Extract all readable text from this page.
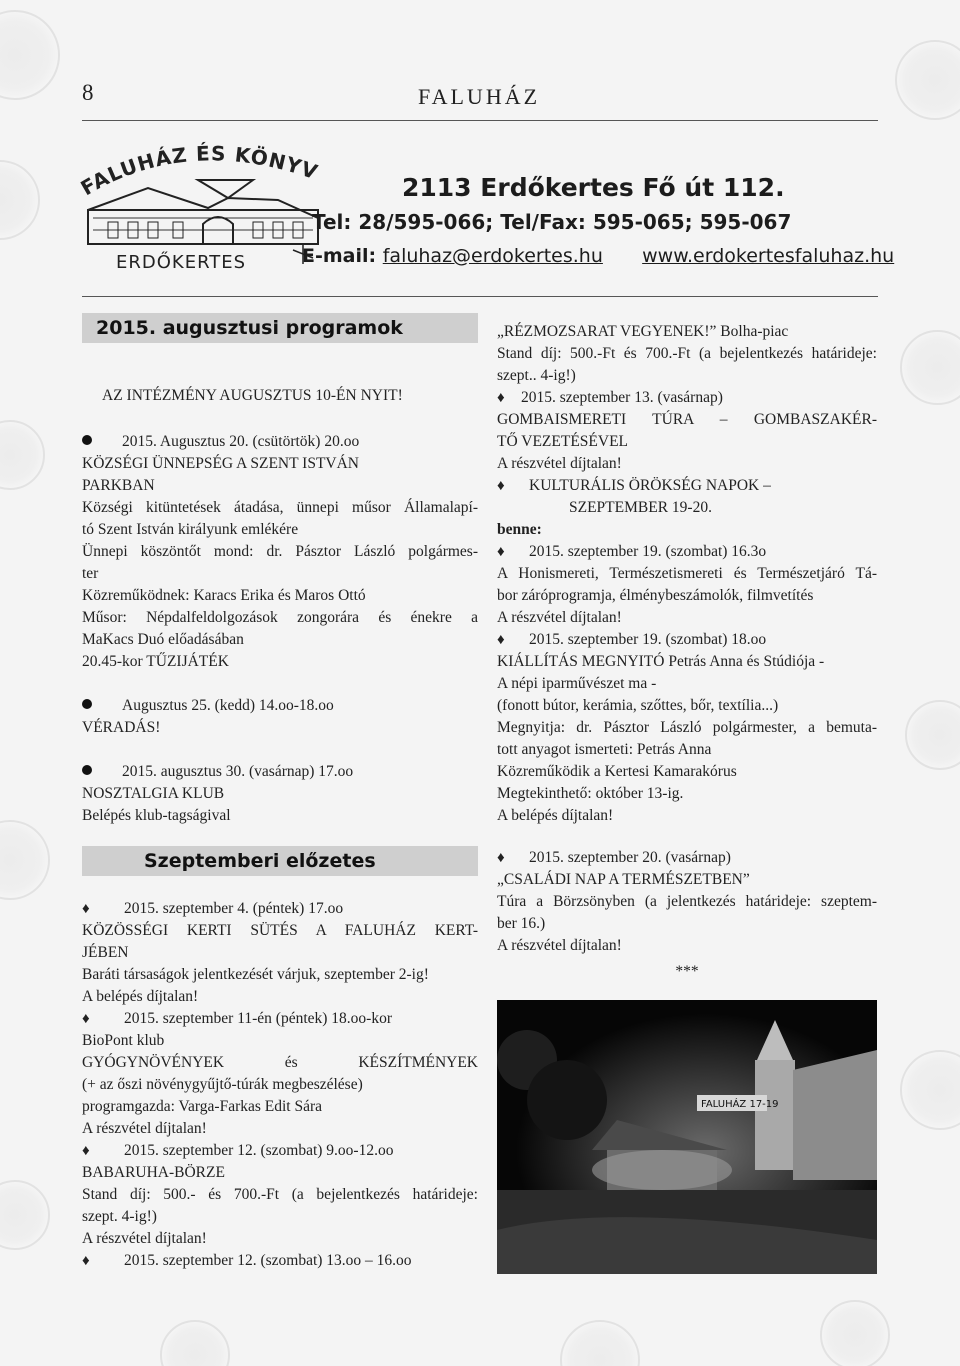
8	FALUHÁZ
FALUHÁZ ÉS KÖNYV
ERDŐKERTES
2113 Erdőkertes Fő út 112.
Tel: 28/595-066; Tel/Fax: 595-065; 595-067
E-mail: faluhaz@erdokertes.hu www.erdokertesfaluhaz.hu
2015. augusztusi programok
AZ INTÉZMÉNY AUGUSZTUS 10-ÉN NYIT!
2015. Augusztus 20. (csütörtök) 20.oo
KÖZSÉGI ÜNNEPSÉG A SZENT ISTVÁN
PARKBAN
Községi kitüntetések átadása, ünnepi műsor Államalapí-
tó Szent István királyunk emlékére
Ünnepi köszöntőt mond: dr. Pásztor László polgármes-
ter
Közreműködnek: Karacs Erika és Maros Ottó
Műsor: Népdalfeldolgozások zongorára és énekre a
MaKacs Duó előadásában
20.45-kor TŰZIJÁTÉK
Augusztus 25. (kedd) 14.oo-18.oo
VÉRADÁS!
2015. augusztus 30. (vasárnap) 17.oo
NOSZTALGIA KLUB
Belépés klub-tagságival
Szeptemberi előzetes
♦ 2015. szeptember 4. (péntek) 17.oo
KÖZÖSSÉGI KERTI SÜTÉS A FALUHÁZ KERT-
JÉBEN
Baráti társaságok jelentkezését várjuk, szeptember 2-ig!
A belépés díjtalan!
♦ 2015. szeptember 11-én (péntek) 18.oo-kor
BioPont klub
GYÓGYNÖVÉNYEK és KÉSZÍTMÉNYEK
(+ az őszi növénygyűjtő-túrák megbeszélése)
programgazda: Varga-Farkas Edit Sára
A részvétel díjtalan!
♦ 2015. szeptember 12. (szombat) 9.oo-12.oo
BABARUHA-BÖRZE
Stand díj: 500.- és 700.-Ft (a bejelentkezés határideje:
szept. 4-ig!)
A részvétel díjtalan!
♦ 2015. szeptember 12. (szombat) 13.oo – 16.oo
„RÉZMOZSARAT VEGYENEK!” Bolha-piac
Stand díj: 500.-Ft és 700.-Ft (a bejelentkezés határideje:
szept.. 4-ig!)
♦ 2015. szeptember 13. (vasárnap)
GOMBAISMERETI TÚRA – GOMBASZAKÉR-
TŐ VEZETÉSÉVEL
A részvétel díjtalan!
♦ KULTURÁLIS ÖRÖKSÉG NAPOK –
SZEPTEMBER 19-20.
benne:
♦ 2015. szeptember 19. (szombat) 16.3o
A Honismereti, Természetismereti és Természetjáró Tá-
bor záróprogramja, élménybeszámolók, filmvetítés
A részvétel díjtalan!
♦ 2015. szeptember 19. (szombat) 18.oo
KIÁLLÍTÁS MEGNYITÓ Petrás Anna és Stúdiója -
A népi iparművészet ma -
(fonott bútor, kerámia, szőttes, bőr, textília...)
Megnyitja: dr. Pásztor László polgármester, a bemuta-
tott anyagot ismerteti: Petrás Anna
Közreműködik a Kertesi Kamarakórus
Megtekinthető: október 13-ig.
A belépés díjtalan!
♦ 2015. szeptember 20. (vasárnap)
„CSALÁDI NAP A TERMÉSZETBEN”
Túra a Börzsönyben (a jelentkezés határideje: szeptem-
ber 16.)
A részvétel díjtalan!
***
FALUHÁZ 17-19
